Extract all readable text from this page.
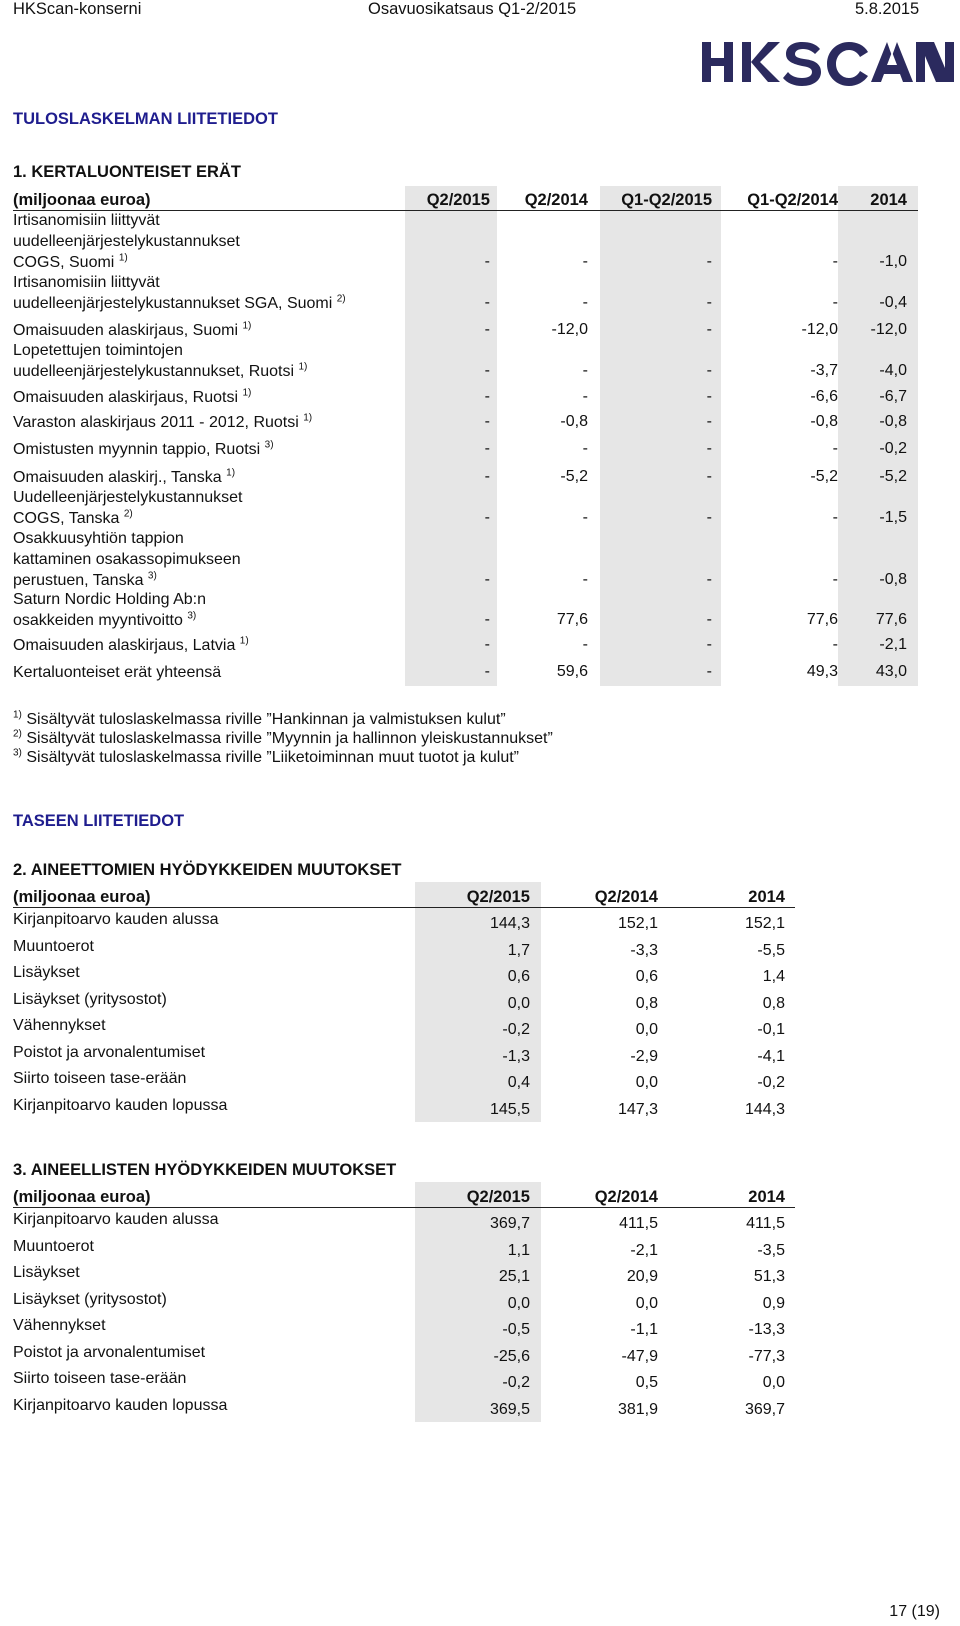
HKScan-konserni	Osavuosikatsaus Q1-2/2015	5.8.2015
TULOSLASKELMAN LIITETIEDOT
1. KERTALUONTEISET ERÄT
(miljoonaa euroa)	Q2/2015 Q2/2014 Q1-Q2/2015 Q1-Q2/2014 2014
Irtisanomisiin liittyvät
uudelleenjärjestelykustannukset
COGS, Suomi $^{1)}$	-	-	-	-	-1,0
Irtisanomisiin liittyvät
uudelleenjärjestelykustannukset SGA, Suomi $^{2)}$	-	-	-	-	-0,4
Omaisuuden alaskirjaus, Suomi $^{1)}$	-	-12,0	-	-12,0 -12,0
Lopetettujen toimintojen
uudelleenjärjestelykustannukset, Ruotsi $^{1)}$	-	-	-	-3,7	-4,0
Omaisuuden alaskirjaus, Ruotsi $^{1)}$	-	-	-	-6,6	-6,7
Varaston alaskirjaus 2011 - 2012, Ruotsi $^{1)}$	-	-0,8	-	-0,8	-0,8
Omistusten myynnin tappio, Ruotsi $^{3)}$	-	-	-	-	-0,2
Omaisuuden alaskirj., Tanska $^{1)}$	-	-5,2	-	-5,2	-5,2
Uudelleenjärjestelykustannukset
COGS, Tanska $^{2)}$	-	-	-	-	-1,5
Osakkuusyhtiön tappion
kattaminen osakassopimukseen
perustuen, Tanska $^{3)}$	-	-	-	-	-0,8
Saturn Nordic Holding Ab:n
osakkeiden myyntivoitto $^{3)}$	-	77,6	-	77,6 77,6
Omaisuuden alaskirjaus, Latvia $^{1)}$	-	-	-	-	-2,1
Kertaluonteiset erät yhteensä	-	59,6	-	49,3 43,0
$^{1)}$ Sisältyvät tuloslaskelmassa riville ”Hankinnan ja valmistuksen kulut”
$^{2)}$ Sisältyvät tuloslaskelmassa riville ”Myynnin ja hallinnon yleiskustannukset”
$^{3)}$ Sisältyvät tuloslaskelmassa riville ”Liiketoiminnan muut tuotot ja kulut”
TASEEN LIITETIEDOT
2. AINEETTOMIEN HYÖDYKKEIDEN MUUTOKSET
(miljoonaa euroa)	Q2/2015	Q2/2014	2014
Kirjanpitoarvo kauden alussa	144,3	152,1	152,1
Muuntoerot	1,7	-3,3	-5,5
Lisäykset	0,6	0,6	1,4
Lisäykset (yritysostot)	0,0	0,8	0,8
Vähennykset	-0,2	0,0	-0,1
Poistot ja arvonalentumiset	-1,3	-2,9	-4,1
Siirto toiseen tase-erään	0,4	0,0	-0,2
Kirjanpitoarvo kauden lopussa	145,5	147,3	144,3
3. AINEELLISTEN HYÖDYKKEIDEN MUUTOKSET
(miljoonaa euroa)	Q2/2015	Q2/2014	2014
Kirjanpitoarvo kauden alussa	369,7	411,5	411,5
Muuntoerot	1,1	-2,1	-3,5
Lisäykset	25,1	20,9	51,3
Lisäykset (yritysostot)	0,0	0,0	0,9
Vähennykset	-0,5	-1,1	-13,3
Poistot ja arvonalentumiset	-25,6	-47,9	-77,3
Siirto toiseen tase-erään	-0,2	0,5	0,0
Kirjanpitoarvo kauden lopussa	369,5	381,9	369,7
17 (19)
